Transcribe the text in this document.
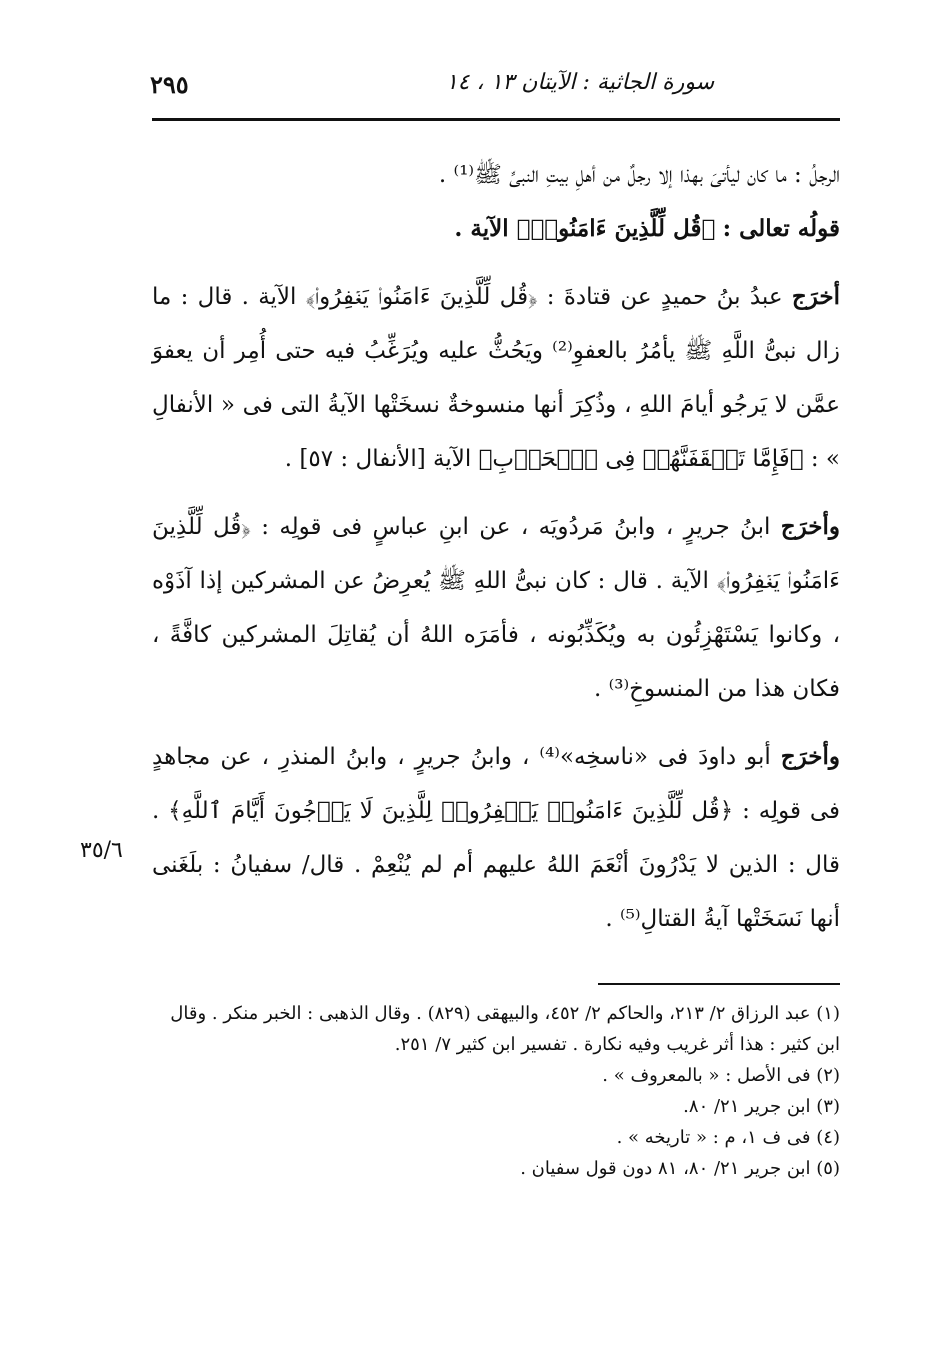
٢٩٥	سورة الجاثية : الآيتان ١٣ ، ١٤

الرجلُ : ما كان ليأتىَ بهذا إلا رجلٌ من أهلِ بيتِ النبىِّ ﷺ⁽¹⁾ .

قولُه تعالى : ﴿قُل لِّلَّذِينَ ءَامَنُوا۟﴾ الآية .

أخرَج عبدُ بنُ حميدٍ عن قتادةَ : ﴿قُل لِّلَّذِينَ ءَامَنُوا۟ يَغۡفِرُوا۟﴾ الآية . قال : ما زال نبىُّ اللَّهِ ﷺ يأمُرُ بالعفوِ⁽²⁾ ويَحُثُّ عليه ويُرَغِّبُ فيه حتى أُمِر أن يعفوَ عمَّن لا يَرجُو أيامَ اللهِ ، وذُكِرَ أنها منسوخةٌ نسخَتْها الآيةُ التى فى « الأنفالِ » : ﴿فَإِمَّا تَثۡقَفَنَّهُمۡ فِى ٱلۡحَرۡبِ﴾ الآية [الأنفال : ٥٧] .

وأخرَج ابنُ جريرٍ ، وابنُ مَردُويَه ، عن ابنِ عباسٍ فى قولِه : ﴿قُل لِّلَّذِينَ ءَامَنُوا۟ يَغۡفِرُوا۟﴾ الآية . قال : كان نبىُّ اللهِ ﷺ يُعرِضُ عن المشركين إذا آذَوْه ، وكانوا يَسْتَهْزِئُون به ويُكَذِّبُونه ، فأمَرَه اللهُ أن يُقاتِلَ المشركين كافَّةً ، فكان هذا من المنسوخِ⁽³⁾ .

وأخرَج أبو داودَ فى «ناسخِه»⁽⁴⁾ ، وابنُ جريرٍ ، وابنُ المنذرِ ، عن مجاهدٍ فى قولِه : ﴿قُل لِّلَّذِينَ ءَامَنُوا۟ يَغۡفِرُوا۟ لِلَّذِينَ لَا يَرۡجُونَ أَيَّامَ ٱللَّهِ﴾ . قال : الذين لا يَدْرُونَ أنْعَمَ اللهُ عليهم أم لم يُنْعِمْ . قال/ سفيانُ : بلَغَنى أنها نَسَخَتْها آيةُ القتالِ⁽⁵⁾ .

٣٥/٦

(١) عبد الرزاق ٢/ ٢١٣، والحاكم ٢/ ٤٥٢، والبيهقى (٨٢٩) . وقال الذهبى : الخبر منكر . وقال ابن كثير : هذا أثر غريب وفيه نكارة . تفسير ابن كثير ٧/ ٢٥١.

(٢) فى الأصل : « بالمعروف » .

(٣) ابن جرير ٢١/ ٨٠.

(٤) فى ف ١، م : « تاريخه » .

(٥) ابن جرير ٢١/ ٨٠، ٨١ دون قول سفيان .
